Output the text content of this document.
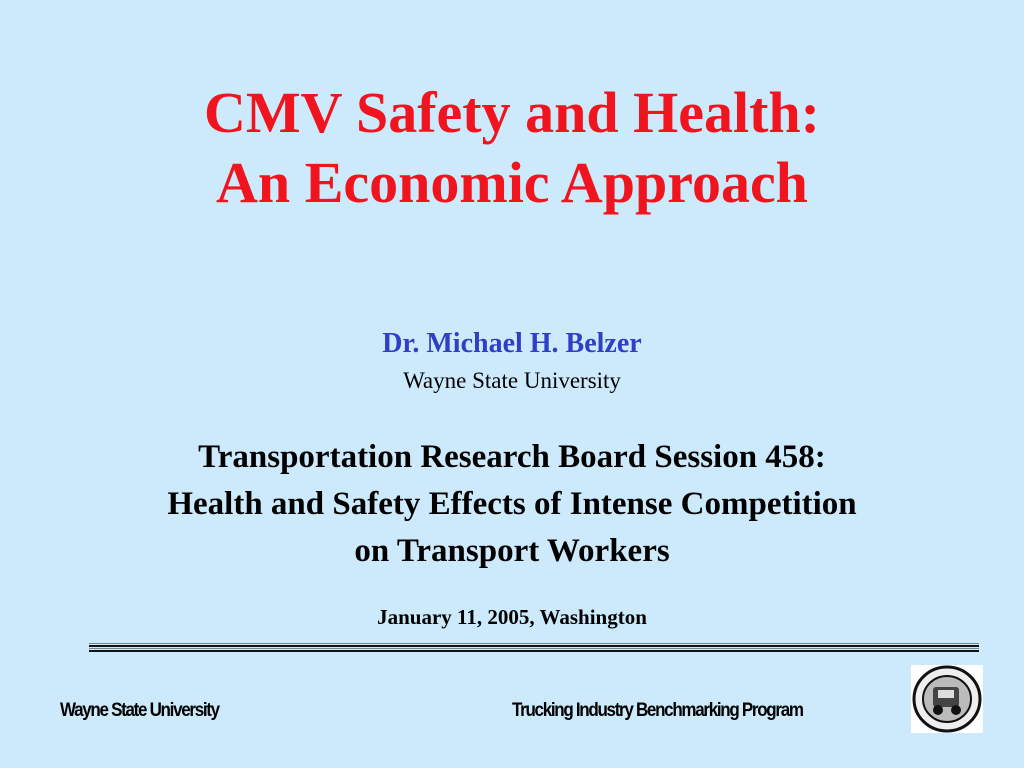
CMV Safety and Health:
An Economic Approach
Dr. Michael H. Belzer
Wayne State University
Transportation Research Board Session 458:
Health and Safety Effects of Intense Competition
on Transport Workers
January 11, 2005, Washington
Wayne State University	Trucking Industry Benchmarking Program
